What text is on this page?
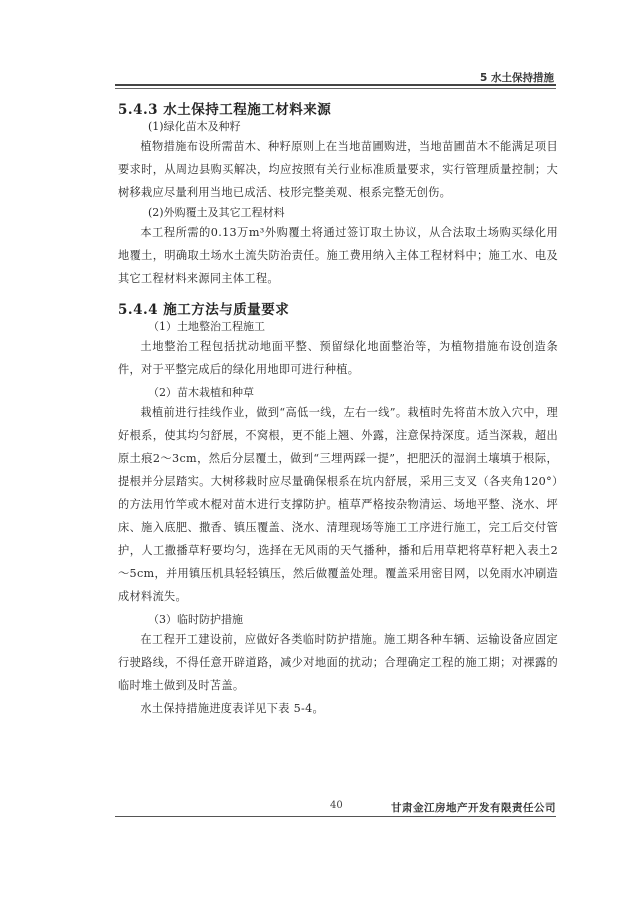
5 水土保持措施
5.4.3 水土保持工程施工材料来源
(1)绿化苗木及种籽

植物措施布设所需苗木、种籽原则上在当地苗圃购进，当地苗圃苗木不能满足项目要求时，从周边县购买解决，均应按照有关行业标准质量要求，实行管理质量控制；大树移栽应尽量利用当地已成活、枝形完整美观、根系完整无创伤。

(2)外购覆土及其它工程材料

本工程所需的0.13万m³外购覆土将通过签订取土协议，从合法取土场购买绿化用地覆土，明确取土场水土流失防治责任。施工费用纳入主体工程材料中；施工水、电及其它工程材料来源同主体工程。

5.4.4 施工方法与质量要求
（1）土地整治工程施工

土地整治工程包括扰动地面平整、预留绿化地面整治等，为植物措施布设创造条件，对于平整完成后的绿化用地即可进行种植。

（2）苗木栽植和种草

栽植前进行挂线作业，做到“高低一线，左右一线”。栽植时先将苗木放入穴中，理好根系，使其均匀舒展，不窝根，更不能上翘、外露，注意保持深度。适当深栽，超出原土痕2～3cm，然后分层覆土，做到“三埋两踩一提”，把肥沃的湿润土壤填于根际，提根并分层踏实。大树移栽时应尽量确保根系在坑内舒展，采用三支叉（各夹角120°）的方法用竹竿或木棍对苗木进行支撑防护。植草严格按杂物清运、场地平整、浇水、坪床、施入底肥、撒香、镇压覆盖、浇水、清理现场等施工工序进行施工，完工后交付管护，人工撒播草籽要均匀，选择在无风雨的天气播种，播和后用草耙将草籽耙入表土2～5cm，并用镇压机具轻轻镇压，然后做覆盖处理。覆盖采用密目网，以免雨水冲刷造成材料流失。

（3）临时防护措施

在工程开工建设前，应做好各类临时防护措施。施工期各种车辆、运输设备应固定行驶路线，不得任意开辟道路，减少对地面的扰动；合理确定工程的施工期；对裸露的临时堆土做到及时苫盖。

水土保持措施进度表详见下表 5-4。

40	甘肃金江房地产开发有限责任公司
